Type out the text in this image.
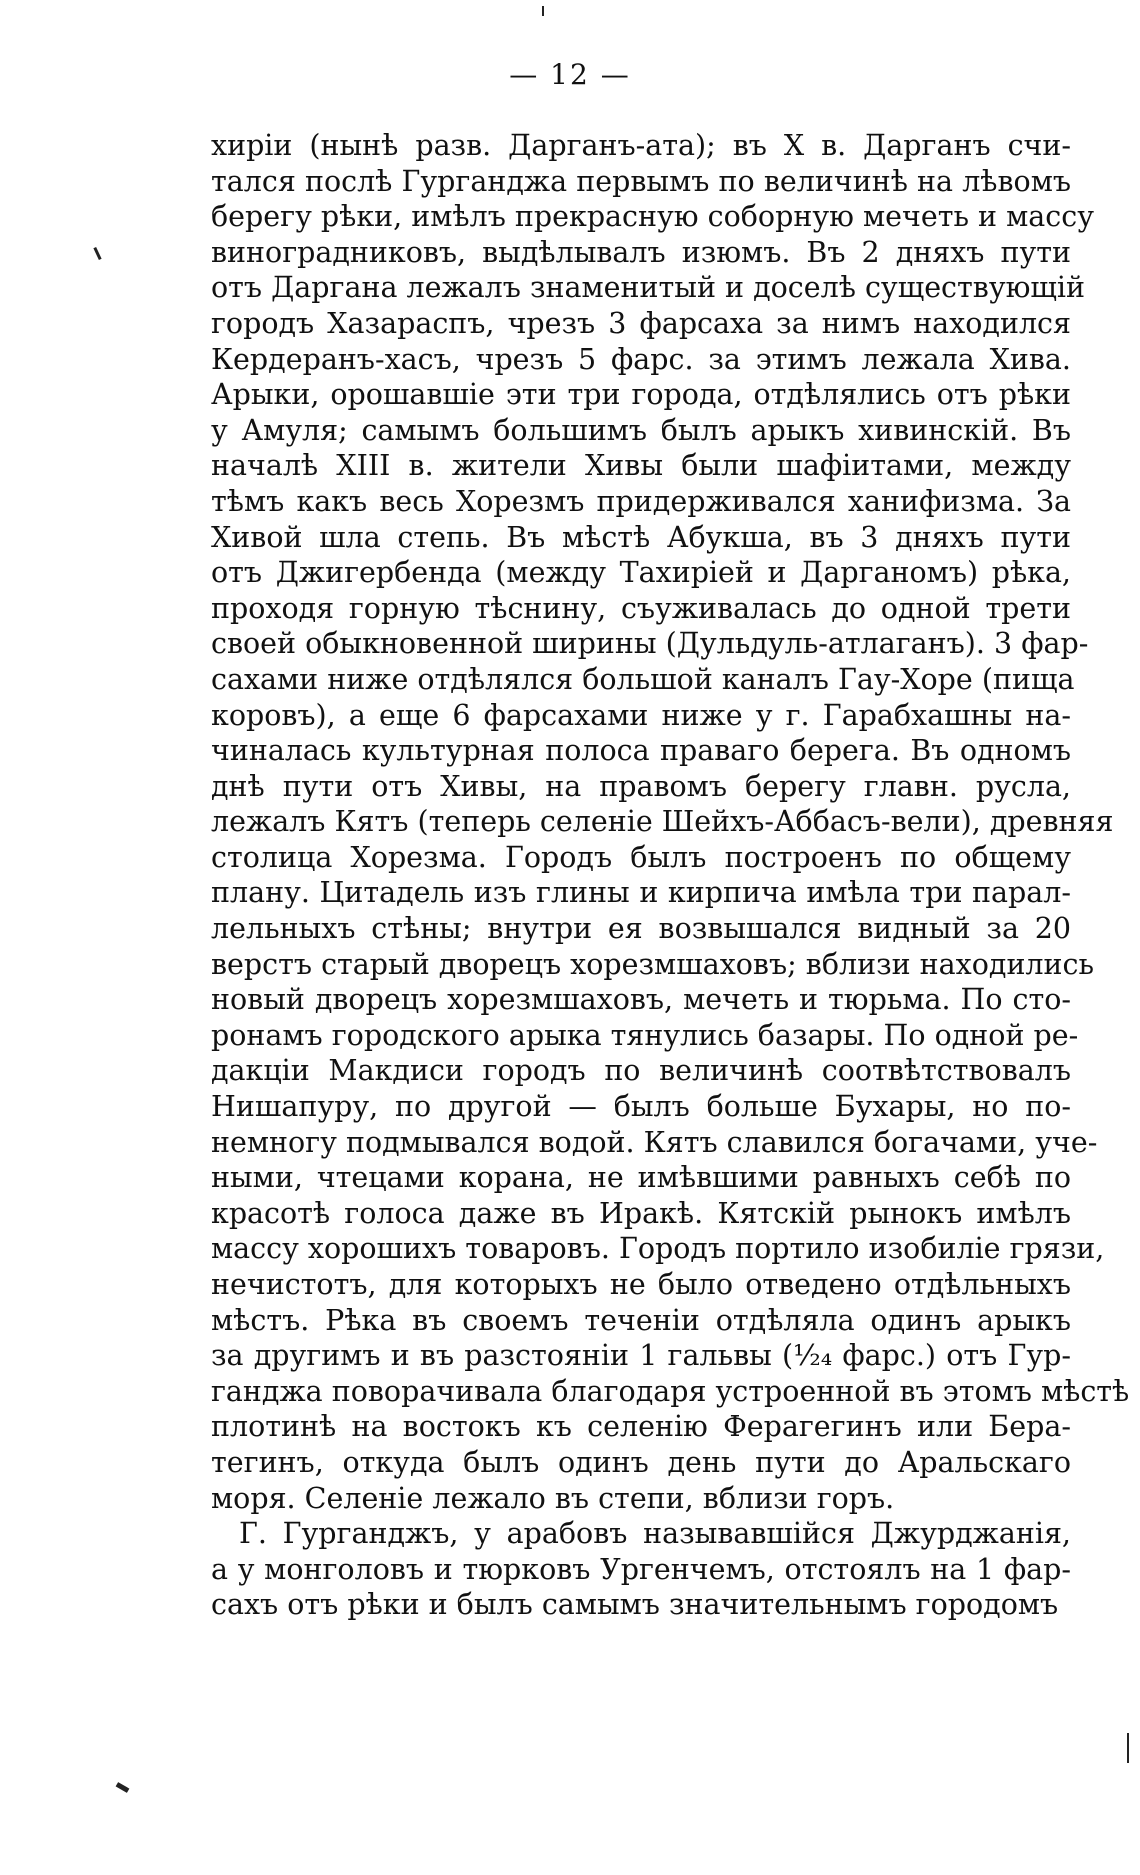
— 12 —
хиріи (нынѣ разв. Дарганъ-ата); въ X в. Дарганъ счи-
тался послѣ Гурганджа первымъ по величинѣ на лѣвомъ
берегу рѣки, имѣлъ прекрасную соборную мечеть и массу
виноградниковъ, выдѣлывалъ изюмъ. Въ 2 дняхъ пути
отъ Даргана лежалъ знаменитый и доселѣ существующій
городъ Хазараспъ, чрезъ 3 фарсаха за нимъ находился
Кердеранъ-хасъ, чрезъ 5 фарс. за этимъ лежала Хива.
Арыки, орошавшіе эти три города, отдѣлялись отъ рѣки
у Амуля; самымъ большимъ былъ арыкъ хивинскій. Въ
началѣ XIII в. жители Хивы были шафіитами, между
тѣмъ какъ весь Хорезмъ придерживался ханифизма. За
Хивой шла степь. Въ мѣстѣ Абукша, въ 3 дняхъ пути
отъ Джигербенда (между Тахиріей и Дарганомъ) рѣка,
проходя горную тѣснину, съуживалась до одной трети
своей обыкновенной ширины (Дульдуль-атлаганъ). 3 фар-
сахами ниже отдѣлялся большой каналъ Гау-Хоре (пища
коровъ), а еще 6 фарсахами ниже у г. Гарабхашны на-
чиналась культурная полоса праваго берега. Въ одномъ
днѣ пути отъ Хивы, на правомъ берегу главн. русла,
лежалъ Кятъ (теперь селеніе Шейхъ-Аббасъ-вели), древняя
столица Хорезма. Городъ былъ построенъ по общему
плану. Цитадель изъ глины и кирпича имѣла три парал-
лельныхъ стѣны; внутри ея возвышался видный за 20
верстъ старый дворецъ хорезмшаховъ; вблизи находились
новый дворецъ хорезмшаховъ, мечеть и тюрьма. По сто-
ронамъ городского арыка тянулись базары. По одной ре-
дакціи Макдиси городъ по величинѣ соотвѣтствовалъ
Нишапуру, по другой — былъ больше Бухары, но по-
немногу подмывался водой. Кятъ славился богачами, уче-
ными, чтецами корана, не имѣвшими равныхъ себѣ по
красотѣ голоса даже въ Иракѣ. Кятскій рынокъ имѣлъ
массу хорошихъ товаровъ. Городъ портило изобиліе грязи,
нечистотъ, для которыхъ не было отведено отдѣльныхъ
мѣстъ. Рѣка въ своемъ теченіи отдѣляла одинъ арыкъ
за другимъ и въ разстояніи 1 гальвы (¹⁄₂₄ фарс.) отъ Гур-
ганджа поворачивала благодаря устроенной въ этомъ мѣстѣ
плотинѣ на востокъ къ селенію Ферагегинъ или Бера-
тегинъ, откуда былъ одинъ день пути до Аральскаго
моря. Селеніе лежало въ степи, вблизи горъ.
Г. Гурганджъ, у арабовъ называвшійся Джурджанія,
а у монголовъ и тюрковъ Ургенчемъ, отстоялъ на 1 фар-
сахъ отъ рѣки и былъ самымъ значительнымъ городомъ
